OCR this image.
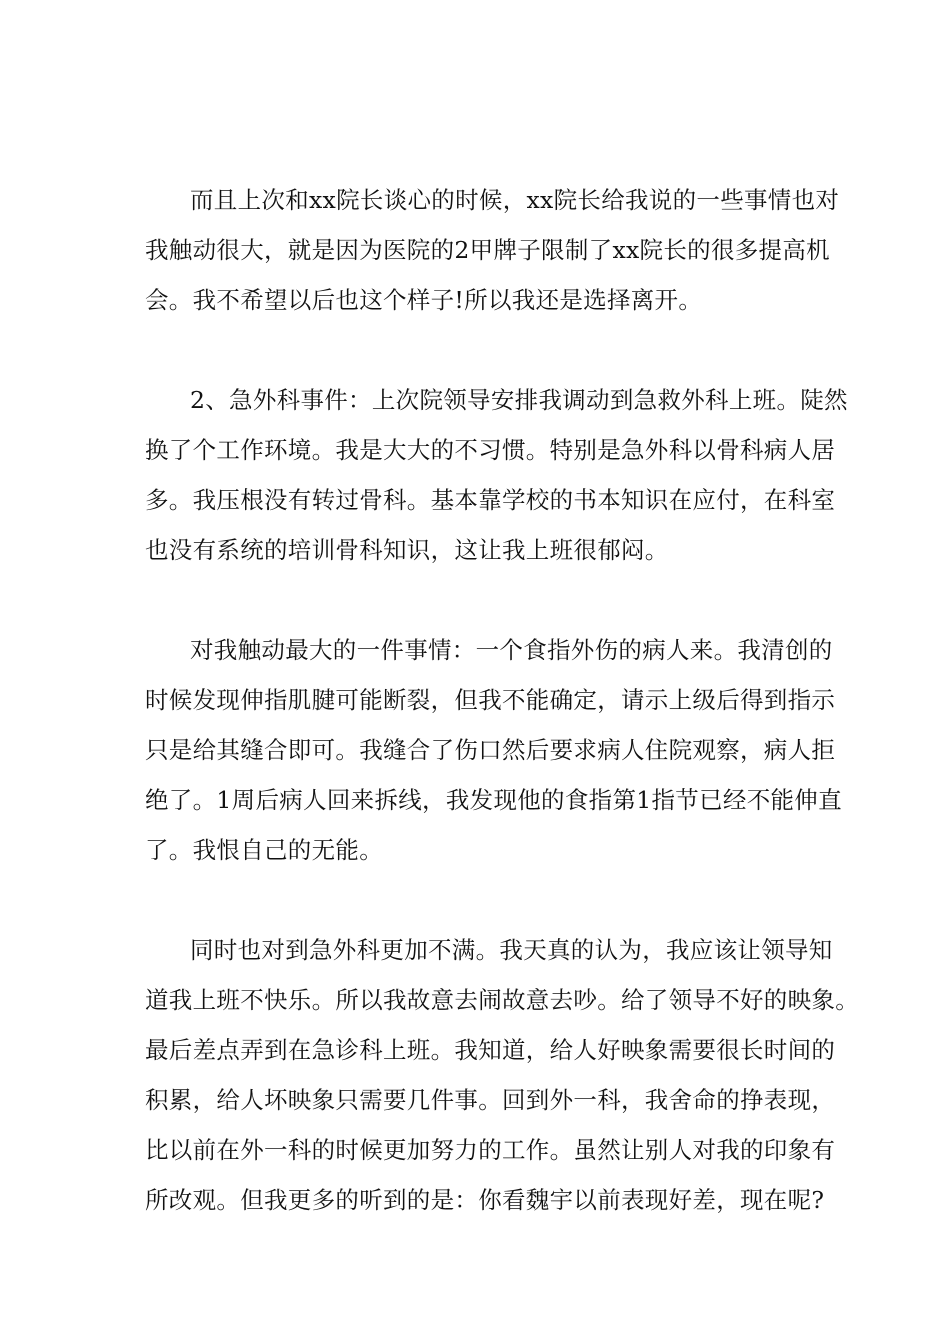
而且上次和xx院长谈心的时候，xx院长给我说的一些事情也对
我触动很大，就是因为医院的2甲牌子限制了xx院长的很多提高机
会。我不希望以后也这个样子!所以我还是选择离开。
2、急外科事件：上次院领导安排我调动到急救外科上班。陡然
换了个工作环境。我是大大的不习惯。特别是急外科以骨科病人居
多。我压根没有转过骨科。基本靠学校的书本知识在应付，在科室
也没有系统的培训骨科知识，这让我上班很郁闷。
对我触动最大的一件事情：一个食指外伤的病人来。我清创的
时候发现伸指肌腱可能断裂，但我不能确定，请示上级后得到指示
只是给其缝合即可。我缝合了伤口然后要求病人住院观察，病人拒
绝了。1周后病人回来拆线，我发现他的食指第1指节已经不能伸直
了。我恨自己的无能。
同时也对到急外科更加不满。我天真的认为，我应该让领导知
道我上班不快乐。所以我故意去闹故意去吵。给了领导不好的映象。
最后差点弄到在急诊科上班。我知道，给人好映象需要很长时间的
积累，给人坏映象只需要几件事。回到外一科，我舍命的挣表现，
比以前在外一科的时候更加努力的工作。虽然让别人对我的印象有
所改观。但我更多的听到的是：你看魏宇以前表现好差，现在呢?
